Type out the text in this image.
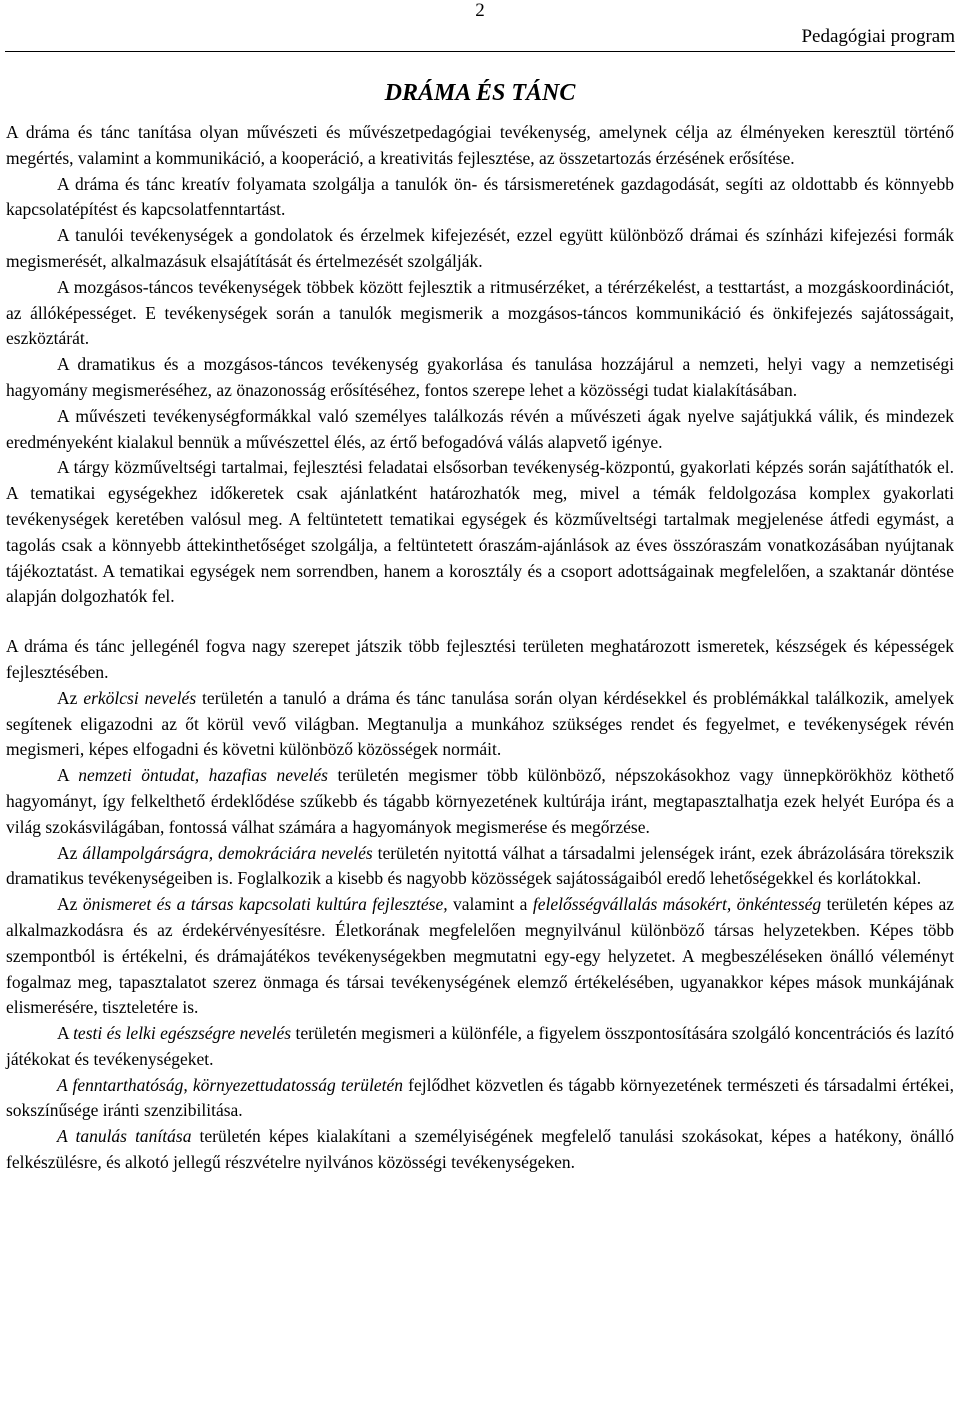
2
Pedagógiai program
DRÁMA ÉS TÁNC

A dráma és tánc tanítása olyan művészeti és művészetpedagógiai tevékenység, amelynek célja az élményeken keresztül történő megértés, valamint a kommunikáció, a kooperáció, a kreativitás fejlesztése, az összetartozás érzésének erősítése.

A dráma és tánc kreatív folyamata szolgálja a tanulók ön- és társismeretének gazdagodását, segíti az oldottabb és könnyebb kapcsolatépítést és kapcsolatfenntartást.

A tanulói tevékenységek a gondolatok és érzelmek kifejezését, ezzel együtt különböző drámai és színházi kifejezési formák megismerését, alkalmazásuk elsajátítását és értelmezését szolgálják.

A mozgásos-táncos tevékenységek többek között fejlesztik a ritmusérzéket, a térérzékelést, a testtartást, a mozgáskoordinációt, az állóképességet. E tevékenységek során a tanulók megismerik a mozgásos-táncos kommunikáció és önkifejezés sajátosságait, eszköztárát.

A dramatikus és a mozgásos-táncos tevékenység gyakorlása és tanulása hozzájárul a nemzeti, helyi vagy a nemzetiségi hagyomány megismeréséhez, az önazonosság erősítéséhez, fontos szerepe lehet a közösségi tudat kialakításában.

A művészeti tevékenységformákkal való személyes találkozás révén a művészeti ágak nyelve sajátjukká válik, és mindezek eredményeként kialakul bennük a művészettel élés, az értő befogadóvá válás alapvető igénye.

A tárgy közműveltségi tartalmai, fejlesztési feladatai elsősorban tevékenység-központú, gyakorlati képzés során sajátíthatók el. A tematikai egységekhez időkeretek csak ajánlatként határozhatók meg, mivel a témák feldolgozása komplex gyakorlati tevékenységek keretében valósul meg. A feltüntetett tematikai egységek és közműveltségi tartalmak megjelenése átfedi egymást, a tagolás csak a könnyebb áttekinthetőséget szolgálja, a feltüntetett óraszám-ajánlások az éves összóraszám vonatkozásában nyújtanak tájékoztatást. A tematikai egységek nem sorrendben, hanem a korosztály és a csoport adottságainak megfelelően, a szaktanár döntése alapján dolgozhatók fel.

A dráma és tánc jellegénél fogva nagy szerepet játszik több fejlesztési területen meghatározott ismeretek, készségek és képességek fejlesztésében.

Az erkölcsi nevelés területén a tanuló a dráma és tánc tanulása során olyan kérdésekkel és problémákkal találkozik, amelyek segítenek eligazodni az őt körül vevő világban. Megtanulja a munkához szükséges rendet és fegyelmet, e tevékenységek révén megismeri, képes elfogadni és követni különböző közösségek normáit.

A nemzeti öntudat, hazafias nevelés területén megismer több különböző, népszokásokhoz vagy ünnepkörökhöz köthető hagyományt, így felkelthető érdeklődése szűkebb és tágabb környezetének kultúrája iránt, megtapasztalhatja ezek helyét Európa és a világ szokásvilágában, fontossá válhat számára a hagyományok megismerése és megőrzése.

Az állampolgárságra, demokráciára nevelés területén nyitottá válhat a társadalmi jelenségek iránt, ezek ábrázolására törekszik dramatikus tevékenységeiben is. Foglalkozik a kisebb és nagyobb közösségek sajátosságaiból eredő lehetőségekkel és korlátokkal.

Az önismeret és a társas kapcsolati kultúra fejlesztése, valamint a felelősségvállalás másokért, önkéntesség területén képes az alkalmazkodásra és az érdekérvényesítésre. Életkorának megfelelően megnyilvánul különböző társas helyzetekben. Képes több szempontból is értékelni, és drámajátékos tevékenységekben megmutatni egy-egy helyzetet. A megbeszéléseken önálló véleményt fogalmaz meg, tapasztalatot szerez önmaga és társai tevékenységének elemző értékelésében, ugyanakkor képes mások munkájának elismerésére, tiszteletére is.

A testi és lelki egészségre nevelés területén megismeri a különféle, a figyelem összpontosítására szolgáló koncentrációs és lazító játékokat és tevékenységeket.

A fenntarthatóság, környezettudatosság területén fejlődhet közvetlen és tágabb környezetének természeti és társadalmi értékei, sokszínűsége iránti szenzibilitása.

A tanulás tanítása területén képes kialakítani a személyiségének megfelelő tanulási szokásokat, képes a hatékony, önálló felkészülésre, és alkotó jellegű részvételre nyilvános közösségi tevékenységeken.
